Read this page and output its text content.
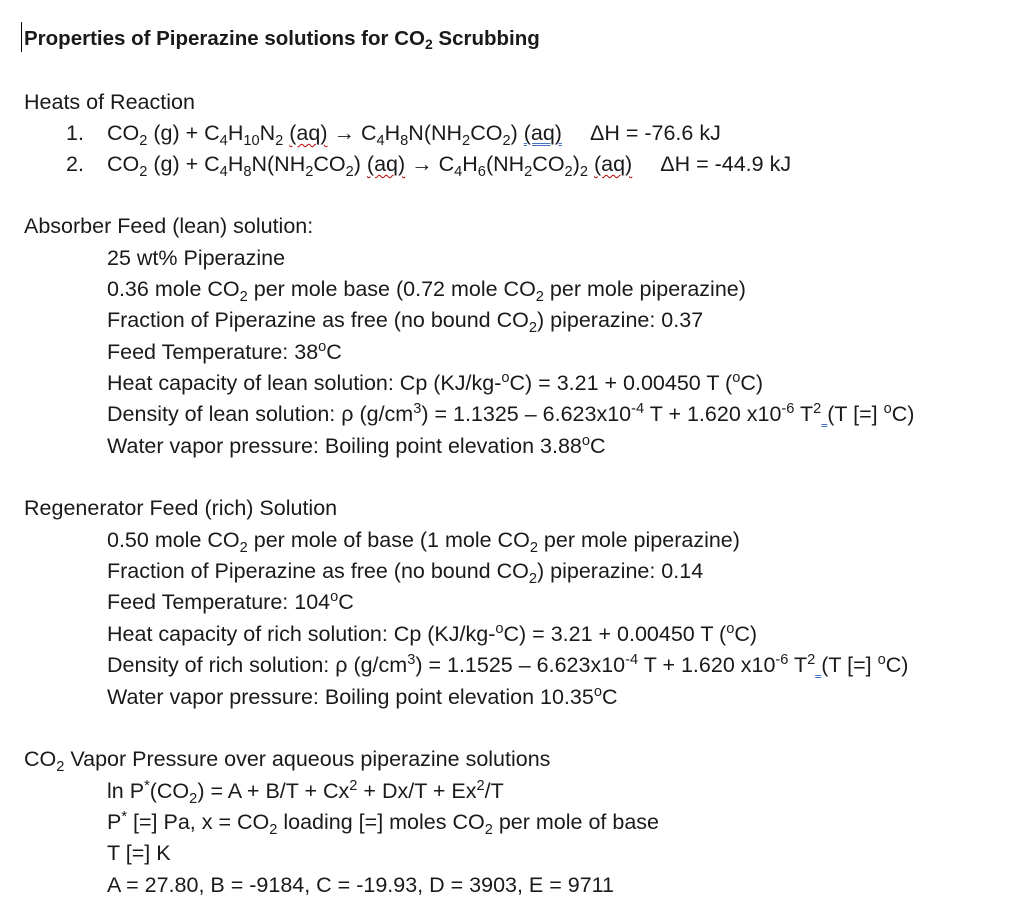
Properties of Piperazine solutions for $CO_2$ Scrubbing
Heats of Reaction
1. $CO_2$ $(g) + C_4H_{10}N_2$ $(aq) \to C_4H_8N(NH_2CO_2)$ (aq) ΔH = -76.6 kJ
2. $CO_2$ $(g) + C_4H_8N(NH_2CO_2) (aq) \to C_4H_6(NH_2CO_2)_2$ (aq) ΔH = -44.9 kJ
Absorber Feed (lean) solution:
25 wt% Piperazine
0.36 mole $CO_2$ per mole base (0.72 mole $CO_2$ per mole piperazine)
Fraction of Piperazine as free (no bound $CO_2$) piperazine: 0.37
Feed Temperature: 38$^o$C
Heat capacity of lean solution: Cp (KJ/kg-$^o$C) = 3.21 + 0.00450 T ($^o$C)
Density of lean solution: ρ $(g/cm^3) = 1.1325 - 6.623x10^{-4}$ T + 1.620 $x10^{-6}$ $T^2$ (T [=] $^o$C)
Water vapor pressure: Boiling point elevation 3.88$^o$C
Regenerator Feed (rich) Solution
0.50 mole $CO_2$ per mole of base (1 mole $CO_2$ per mole piperazine)
Fraction of Piperazine as free (no bound $CO_2$) piperazine: 0.14
Feed Temperature: 104$^o$C
Heat capacity of rich solution: Cp (KJ/kg-$^o$C) = 3.21 + 0.00450 T ($^o$C)
Density of rich solution: ρ $(g/cm^3) = 1.1525 - 6.623x10^{-4}$ T + 1.620 $x10^{-6}$ $T^2$ (T [=] $^o$C)
Water vapor pressure: Boiling point elevation 10.35$^o$C
$CO_2$ Vapor Pressure over aqueous piperazine solutions
$\ln P^*(CO_2) = A + B/T + Cx^2 + Dx/T + Ex^2/T$
P* [=] Pa, $x = CO_2$ loading [=] moles $CO_2$ per mole of base
T [=] K
A = 27.80, B = -9184, C = -19.93, D = 3903, E = 9711
